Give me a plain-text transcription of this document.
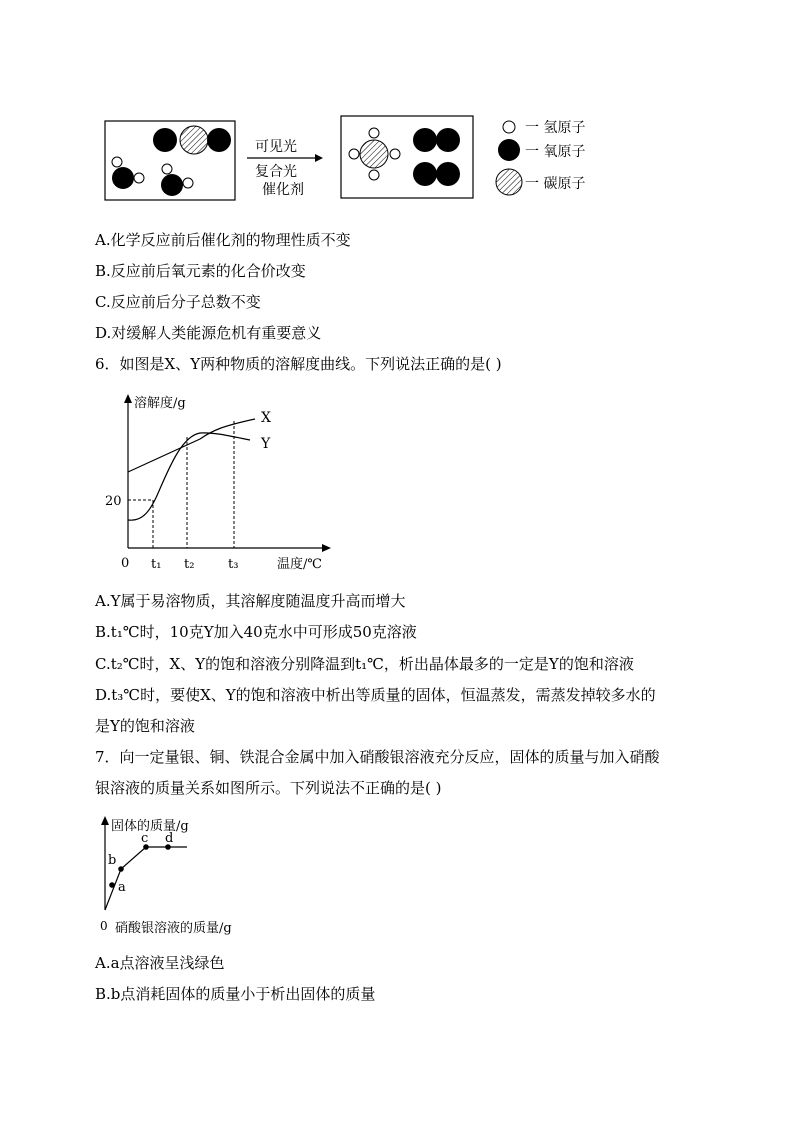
可见光
复合光
催化剂
一 氢原子
一 氧原子
一 碳原子
A.化学反应前后催化剂的物理性质不变
B.反应前后氧元素的化合价改变
C.反应前后分子总数不变
D.对缓解人类能源危机有重要意义
6．如图是X、Y两种物质的溶解度曲线。下列说法正确的是( )
溶解度/g
温度/℃
0
20
t₁ t₂	t₃
X
Y
A.Y属于易溶物质，其溶解度随温度升高而增大
B.t₁℃时，10克Y加入40克水中可形成50克溶液
C.t₂℃时，X、Y的饱和溶液分别降温到t₁℃，析出晶体最多的一定是Y的饱和溶液
D.t₃℃时，要使X、Y的饱和溶液中析出等质量的固体，恒温蒸发，需蒸发掉较多水的
是Y的饱和溶液
7．向一定量银、铜、铁混合金属中加入硝酸银溶液充分反应，固体的质量与加入硝酸
银溶液的质量关系如图所示。下列说法不正确的是( )
固体的质量/g
0 硝酸银溶液的质量/g
a
b
c d
A.a点溶液呈浅绿色
B.b点消耗固体的质量小于析出固体的质量
